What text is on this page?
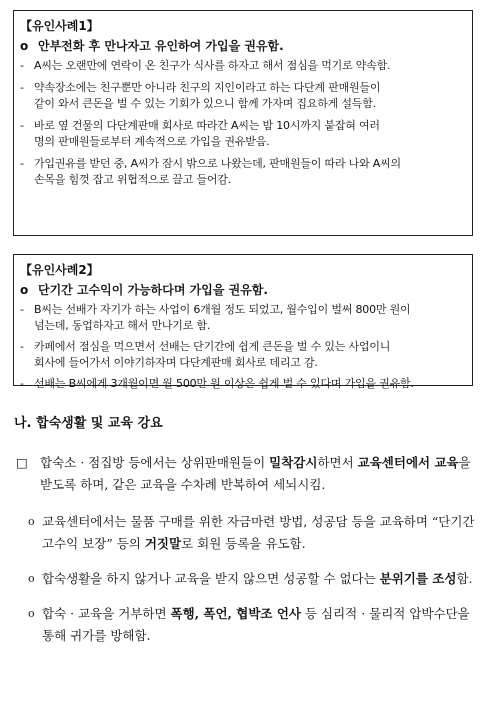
【유인사례1】
o 안부전화 후 만나자고 유인하여 가입을 권유함.
- A씨는 오랜만에 연락이 온 친구가 식사를 하자고 해서 점심을 먹기로 약속함.
- 약속장소에는 친구뿐만 아니라 친구의 지인이라고 하는 다단계 판매원들이
같이 와서 큰돈을 벌 수 있는 기회가 있으니 함께 가자며 집요하게 설득함.
- 바로 옆 건물의 다단계판매 회사로 따라간 A씨는 밤 10시까지 붙잡혀 여러
명의 판매원들로부터 계속적으로 가입을 권유받음.
- 가입권유를 받던 중, A씨가 잠시 밖으로 나왔는데, 판매원들이 따라 나와 A씨의
손목을 힘껏 잡고 위협적으로 끌고 들어감.
【유인사례2】
o 단기간 고수익이 가능하다며 가입을 권유함.
- B씨는 선배가 자기가 하는 사업이 6개월 정도 되었고, 월수입이 벌써 800만 원이
넘는데, 동업하자고 해서 만나기로 함.
- 카페에서 점심을 먹으면서 선배는 단기간에 쉽게 큰돈을 벌 수 있는 사업이니
회사에 들어가서 이야기하자며 다단계판매 회사로 데리고 감.
- 선배는 B씨에게 3개월이면 월 500만 원 이상은 쉽게 벌 수 있다며 가입을 권유함.
나. 합숙생활 및 교육 강요
□ 합숙소 · 점집방 등에서는 상위판매원들이 밀착감시하면서 교육센터에서 교육을 받도록 하며, 같은 교육을 수차례 반복하여 세뇌시킴.
o 교육센터에서는 물품 구매를 위한 자금마련 방법, 성공담 등을 교육하며 “단기간 고수익 보장” 등의 거짓말로 회원 등록을 유도함.
o 합숙생활을 하지 않거나 교육을 받지 않으면 성공할 수 없다는 분위기를 조성함.
o 합숙 · 교육을 거부하면 폭행, 폭언, 협박조 언사 등 심리적 · 물리적 압박수단을 통해 귀가를 방해함.
